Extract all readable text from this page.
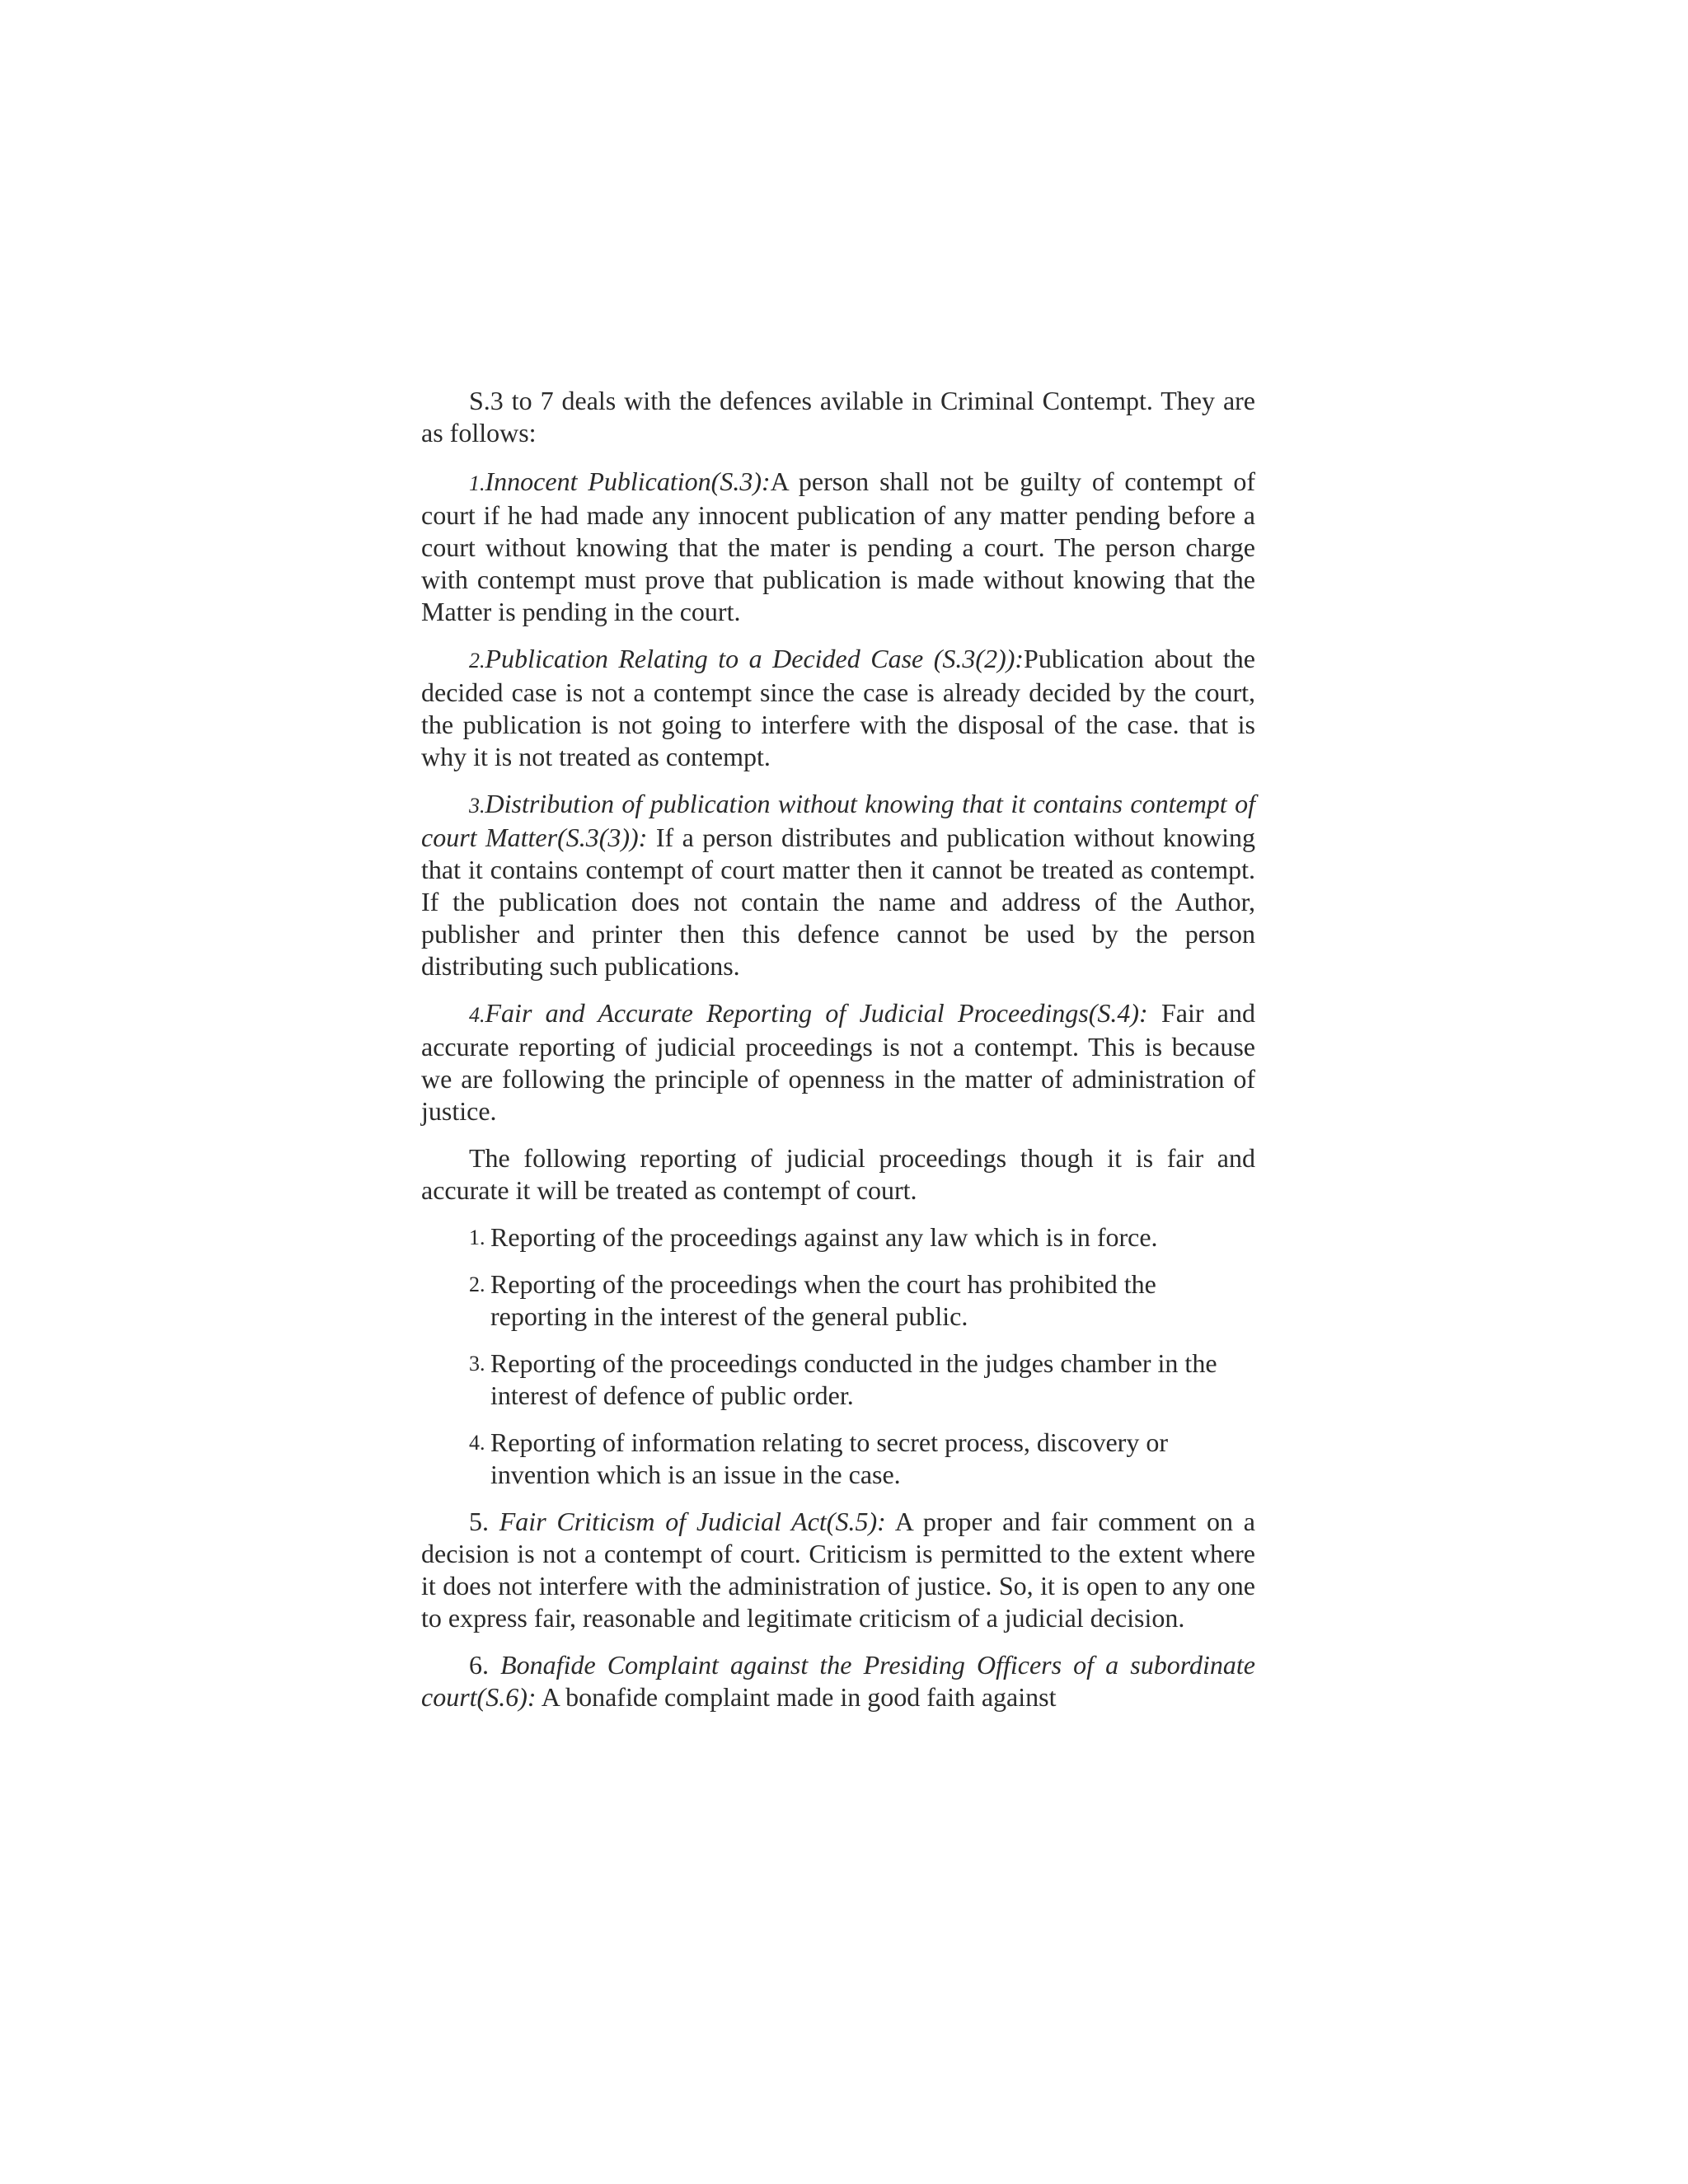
S.3 to 7 deals with the defences avilable in Criminal Contempt. They are as follows:

1.Innocent Publication(S.3):A person shall not be guilty of contempt of court if he had made any innocent publication of any matter pending before a court without knowing that the mater is pending a court. The person charge with contempt must prove that publication is made without knowing that the Matter is pending in the court.

2.Publication Relating to a Decided Case (S.3(2)):Publication about the decided case is not a contempt since the case is already decided by the court, the publication is not going to interfere with the disposal of the case. that is why it is not treated as contempt.

3.Distribution of publication without knowing that it contains contempt of court Matter(S.3(3)): If a person distributes and publication without knowing that it contains contempt of court matter then it cannot be treated as contempt. If the publication does not contain the name and address of the Author, publisher and printer then this defence cannot be used by the person distributing such publications.

4.Fair and Accurate Reporting of Judicial Proceedings(S.4): Fair and accurate reporting of judicial proceedings is not a contempt. This is because we are following the principle of openness in the matter of administration of justice.

The following reporting of judicial proceedings though it is fair and accurate it will be treated as contempt of court.

1. Reporting of the proceedings against any law which is in force.
2. Reporting of the proceedings when the court has prohibited the reporting in the interest of the general public.
3. Reporting of the proceedings conducted in the judges chamber in the interest of defence of public order.
4. Reporting of information relating to secret process, discovery or invention which is an issue in the case.

5. Fair Criticism of Judicial Act(S.5): A proper and fair comment on a decision is not a contempt of court. Criticism is permitted to the extent where it does not interfere with the administration of justice. So, it is open to any one to express fair, reasonable and legitimate criticism of a judicial decision.

6. Bonafide Complaint against the Presiding Officers of a subordinate court(S.6): A bonafide complaint made in good faith against
